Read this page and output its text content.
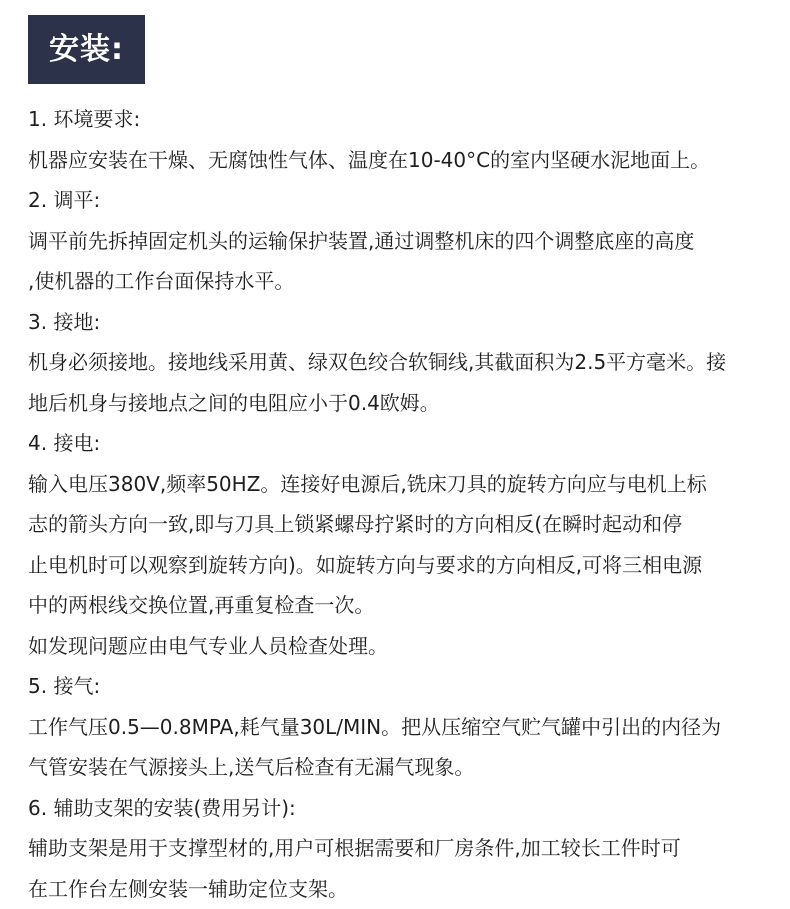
安装:
1. 环境要求:
机器应安装在干燥、无腐蚀性气体、温度在10-40°C的室内坚硬水泥地面上。
2. 调平:
调平前先拆掉固定机头的运输保护装置,通过调整机床的四个调整底座的高度
,使机器的工作台面保持水平。
3. 接地:
机身必须接地。接地线采用黄、绿双色绞合软铜线,其截面积为2.5平方毫米。接
地后机身与接地点之间的电阻应小于0.4欧姆。
4. 接电:
输入电压380V,频率50HZ。连接好电源后,铣床刀具的旋转方向应与电机上标
志的箭头方向一致,即与刀具上锁紧螺母拧紧时的方向相反(在瞬时起动和停
止电机时可以观察到旋转方向)。如旋转方向与要求的方向相反,可将三相电源
中的两根线交换位置,再重复检查一次。
如发现问题应由电气专业人员检查处理。
5. 接气:
工作气压0.5—0.8MPA,耗气量30L/MIN。把从压缩空气贮气罐中引出的内径为
气管安装在气源接头上,送气后检查有无漏气现象。
6. 辅助支架的安装(费用另计):
辅助支架是用于支撑型材的,用户可根据需要和厂房条件,加工较长工件时可
在工作台左侧安装一辅助定位支架。
